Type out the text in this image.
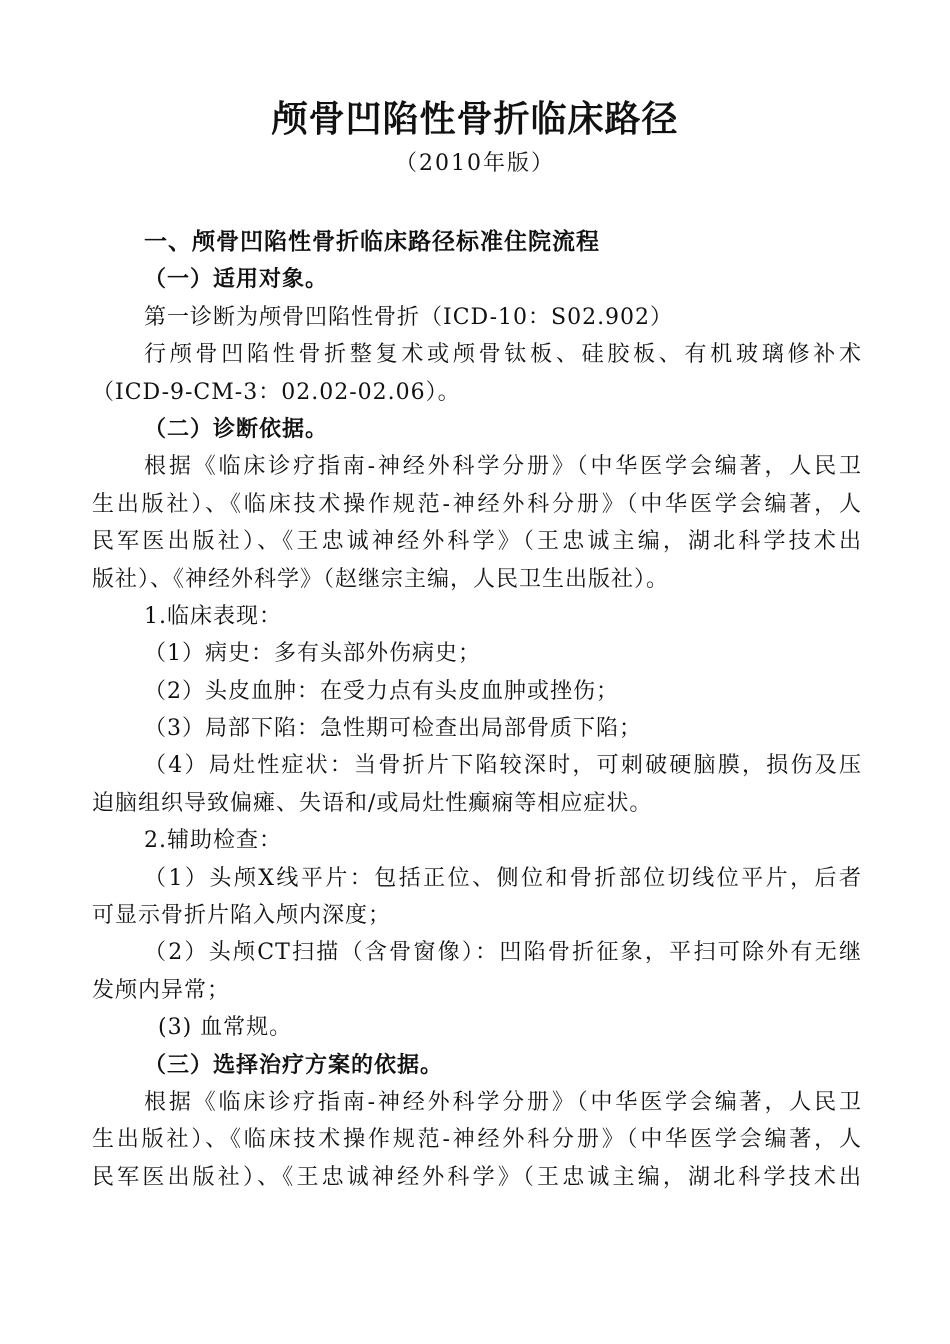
颅骨凹陷性骨折临床路径
（2010年版）
一、颅骨凹陷性骨折临床路径标准住院流程
（一）适用对象。
第一诊断为颅骨凹陷性骨折（ICD-10：S02.902）
行颅骨凹陷性骨折整复术或颅骨钛板、硅胶板、有机玻璃修补术
（ICD-9-CM-3：02.02-02.06）。
（二）诊断依据。
根据《临床诊疗指南-神经外科学分册》（中华医学会编著，人民卫
生出版社）、《临床技术操作规范-神经外科分册》（中华医学会编著，人
民军医出版社）、《王忠诚神经外科学》（王忠诚主编，湖北科学技术出
版社）、《神经外科学》（赵继宗主编，人民卫生出版社）。
1.临床表现：
（1）病史：多有头部外伤病史；
（2）头皮血肿：在受力点有头皮血肿或挫伤；
（3）局部下陷：急性期可检查出局部骨质下陷；
（4）局灶性症状：当骨折片下陷较深时，可刺破硬脑膜，损伤及压
迫脑组织导致偏瘫、失语和/或局灶性癫痫等相应症状。
2.辅助检查：
（1）头颅X线平片：包括正位、侧位和骨折部位切线位平片，后者
可显示骨折片陷入颅内深度；
（2）头颅CT扫描（含骨窗像）：凹陷骨折征象，平扫可除外有无继
发颅内异常；
(3) 血常规。
（三）选择治疗方案的依据。
根据《临床诊疗指南-神经外科学分册》（中华医学会编著，人民卫
生出版社）、《临床技术操作规范-神经外科分册》（中华医学会编著，人
民军医出版社）、《王忠诚神经外科学》（王忠诚主编，湖北科学技术出
